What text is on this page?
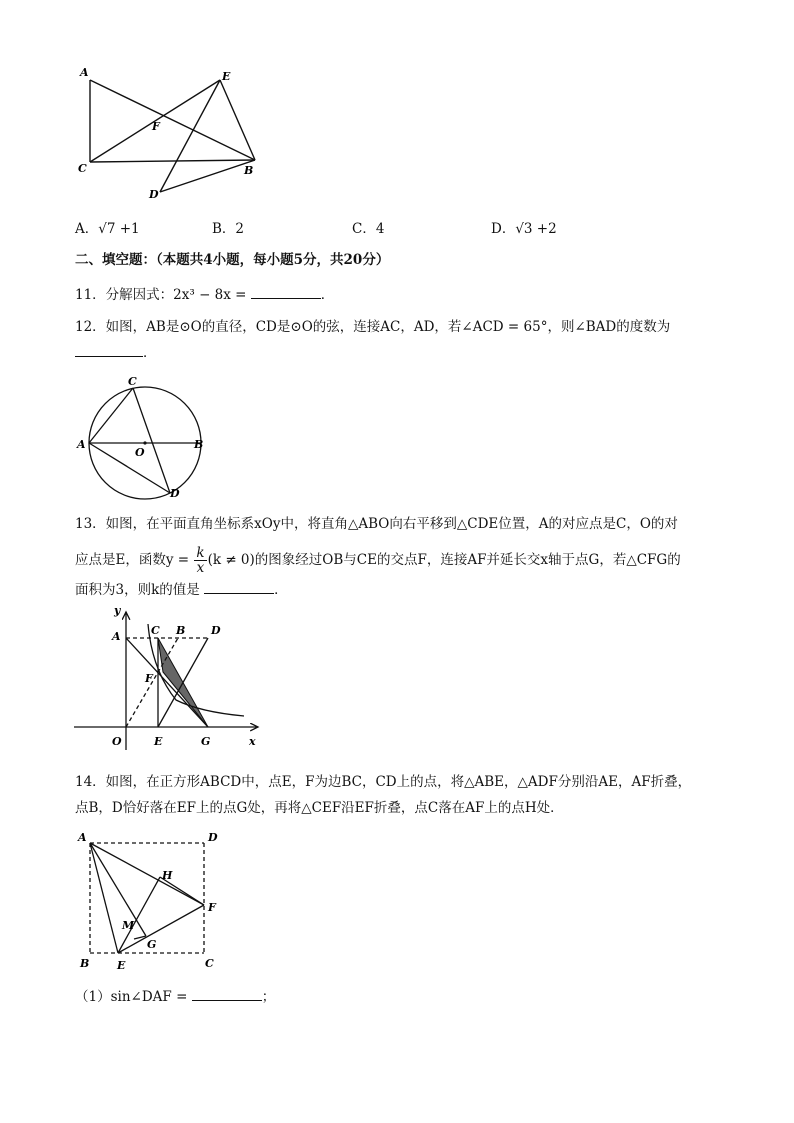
A	E
F
C	B
D
A．√7 +1	B．2	C．4	D．√3 +2
二、填空题：（本题共4小题，每小题5分，共20分）
11．分解因式：2x³ − 8x =	．
12．如图，AB是⊙O的直径，CD是⊙O的弦，连接AC，AD，若∠ACD = 65°，则∠BAD的度数为
．
C
A	B
O
D
13．如图，在平面直角坐标系xOy中，将直角△ABO向右平移到△CDE位置，A的对应点是C，O的对
应点是E，函数$y = \frac{k}{x} (k \ne 0)$的图象经过OB与CE的交点F，连接AF并延长交x轴于点G，若△CFG的
面积为3，则k的值是	．
y
A	C B D
F
O	E	G	x
14．如图，在正方形ABCD中，点E，F为边BC，CD上的点，将△ABE，△ADF分别沿AE，AF折叠，
点B，D恰好落在EF上的点G处，再将△CEF沿EF折叠，点C落在AF上的点H处．
A	D
H
F
M
G
B	E	C
（1）sin∠DAF =	；
